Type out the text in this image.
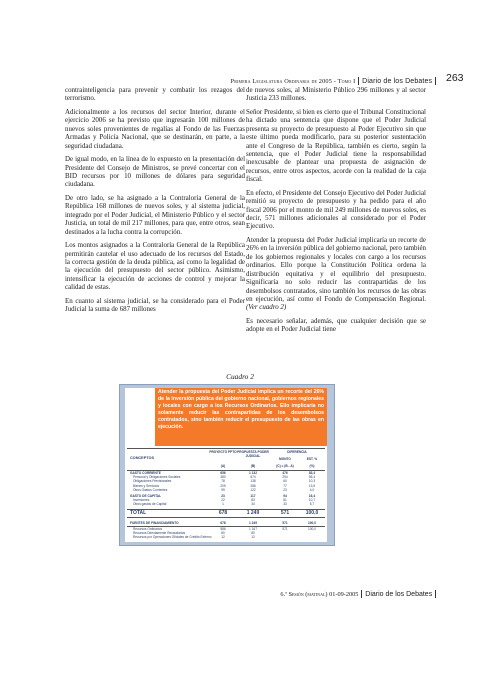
Primera Legislatura Ordinaria de 2005 - Tomo I Diario de los Debates 263

contrainteligencia para prevenir y combatir los rezagos del terrorismo.

Adicionalmente a los recursos del sector Interior, durante el ejercicio 2006 se ha previsto que ingresarán 100 millones de nuevos soles provenientes de regalías al Fondo de las Fuerzas Armadas y Policía Nacional, que se destinarán, en parte, a la seguridad ciudadana.

De igual modo, en la línea de lo expuesto en la presentación del Presidente del Consejo de Ministros, se prevé concertar con el BID recursos por 10 millones de dólares para seguridad ciudadana.

De otro lado, se ha asignado a la Contraloría General de la República 168 millones de nuevos soles, y al sistema judicial, integrado por el Poder Judicial, el Ministerio Público y el sector Justicia, un total de mil 217 millones, para que, entre otros, sean destinados a la lucha contra la corrupción.

Los montos asignados a la Contraloría General de la República permitirán cautelar el uso adecuado de los recursos del Estado, la correcta gestión de la deuda pública, así como la legalidad de la ejecución del presupuesto del sector público. Asimismo, intensificar la ejecución de acciones de control y mejorar la calidad de estas.

En cuanto al sistema judicial, se ha considerado para el Poder Judicial la suma de 687 millones

de nuevos soles, al Ministerio Público 296 millones y al sector Justicia 233 millones.

Señor Presidente, si bien es cierto que el Tribunal Constitucional ha dictado una sentencia que dispone que el Poder Judicial presenta su proyecto de presupuesto al Poder Ejecutivo sin que este último pueda modificarlo, para su posterior sustentación ante el Congreso de la República, también es cierto, según la sentencia, que el Poder Judicial tiene la responsabilidad inexcusable de plantear una propuesta de asignación de recursos, entre otros aspectos, acorde con la realidad de la caja fiscal.

En efecto, el Presidente del Consejo Ejecutivo del Poder Judicial remitió su proyecto de presupuesto y ha pedido para el año fiscal 2006 por el monto de mil 249 millones de nuevos soles, es decir, 571 millones adicionales al considerado por el Poder Ejecutivo.

Atender la propuesta del Poder Judicial implicaría un recorte de 26% en la inversión pública del gobierno nacional, pero también de los gobiernos regionales y locales con cargo a los recursos ordinarios. Ello porque la Constitución Política ordena la distribución equitativa y el equilibrio del presupuesto. Significaría no solo reducir las contrapartidas de los desembolsos contratados, sino también los recursos de las obras en ejecución, así como el Fondo de Compensación Regional. (Ver cuadro 2)

Es necesario señalar, además, que cualquier decisión que se adopte en el Poder Judicial tiene

Cuadro 2
Atender la propuesta del Poder Judicial implica un recorte del 26% de la inversión pública del gobierno nacional, gobiernos regionales y locales con cargo a los Recursos Ordinarios. Ello implicaría no solamente reducir las contrapartidas de los desembolsos contratados, sino también reducir el presupuesto de las obras en ejecución.
CONCEPTOS
PROYECTO PPTO PROPUESTA PODER JUDICIAL
DIFERENCIA
MONTO	EST. %
(A)	(B)	(C) = (B - A)	(%)
GASTO CORRIENTE	656	1 132	476	83,4
Personal y Obligaciones Sociales	380	674	294	55,4
Obligaciones Previsionales	78	138	60	10,3
Bienes y Servicios	209	286	77	13,5
Otros Gastos Corrientes	99	122	23	4,0
GASTO DE CAPITAL	23	117	94	16,4
Inversiones	22	83	61	10,7
Otros gastos de Capital	1	34	33	5,7
TOTAL	678	1 249	571	100,0
FUENTES DE FINANCIAMIENTO	678	1 249	571	100,0
Recursos Ordinarios	586	1 167	571	100,0
Recursos Directamente Recaudados	80	80
Recursos por Operaciones Oficiales de Crédito Externo	12	12
6.ª Sesión (matinal) 01-09-2005 Diario de los Debates
